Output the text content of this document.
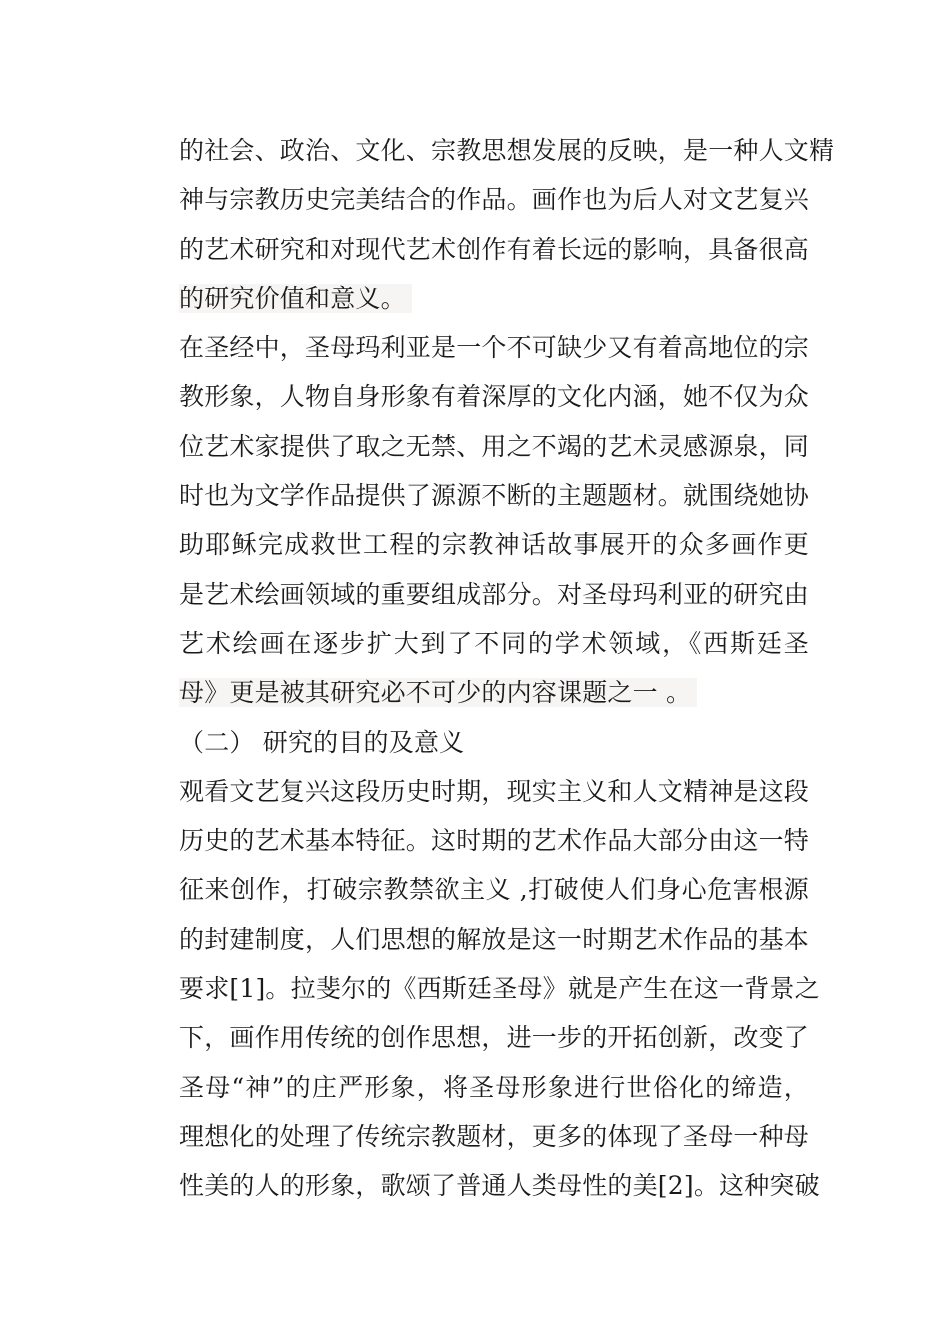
的社会、政治、文化、宗教思想发展的反映，是一种人文精
神与宗教历史完美结合的作品。画作也为后人对文艺复兴
的艺术研究和对现代艺术创作有着长远的影响，具备很高
的研究价值和意义。
在圣经中，圣母玛利亚是一个不可缺少又有着高地位的宗
教形象，人物自身形象有着深厚的文化内涵，她不仅为众
位艺术家提供了取之无禁、用之不竭的艺术灵感源泉，同
时也为文学作品提供了源源不断的主题题材。就围绕她协
助耶稣完成救世工程的宗教神话故事展开的众多画作更
是艺术绘画领域的重要组成部分。对圣母玛利亚的研究由
艺术绘画在逐步扩大到了不同的学术领域，《西斯廷圣
母》更是被其研究必不可少的内容课题之一 。
（二） 研究的目的及意义
观看文艺复兴这段历史时期，现实主义和人文精神是这段
历史的艺术基本特征。这时期的艺术作品大部分由这一特
征来创作，打破宗教禁欲主义 ,打破使人们身心危害根源
的封建制度，人们思想的解放是这一时期艺术作品的基本
要求[1]。拉斐尔的《西斯廷圣母》就是产生在这一背景之
下，画作用传统的创作思想，进一步的开拓创新，改变了
圣母“神”的庄严形象，将圣母形象进行世俗化的缔造，
理想化的处理了传统宗教题材，更多的体现了圣母一种母
性美的人的形象，歌颂了普通人类母性的美[2]。这种突破
